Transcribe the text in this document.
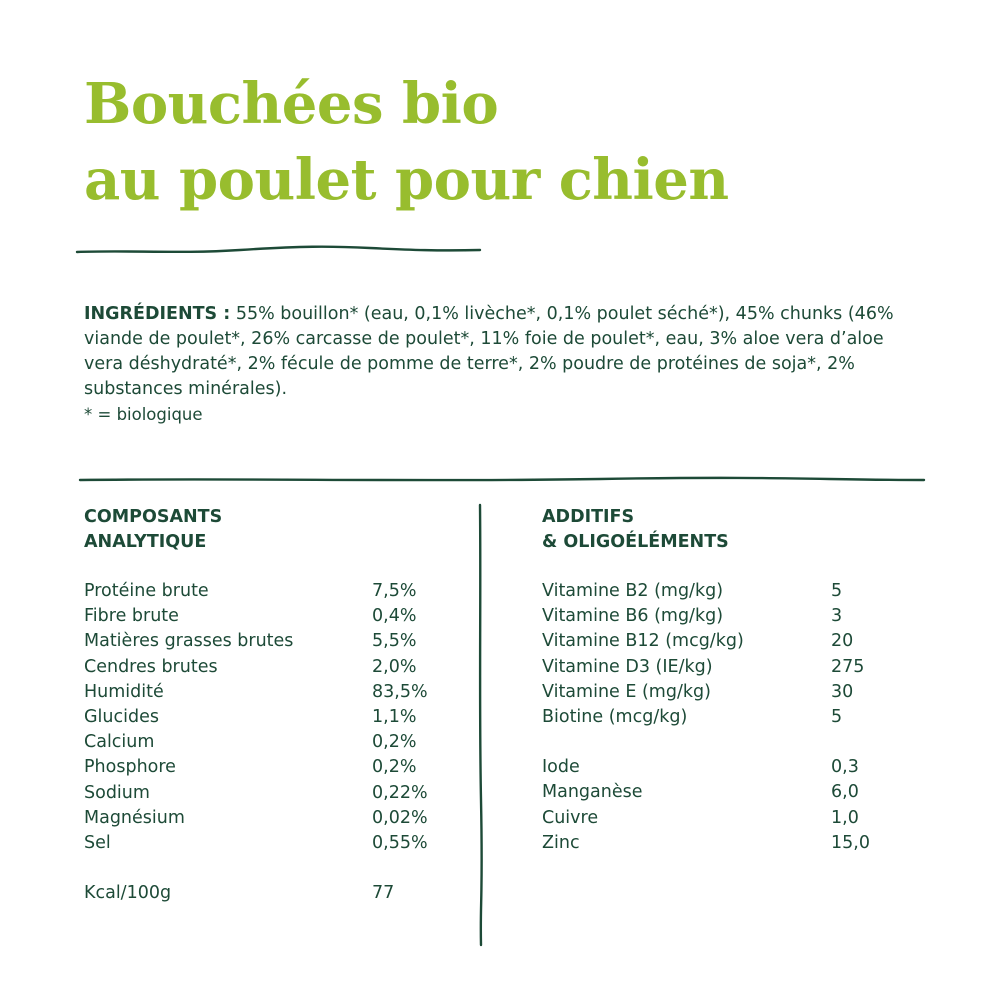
Bouchées bio
au poulet pour chien
INGRÉDIENTS : 55% bouillon* (eau, 0,1% livèche*, 0,1% poulet séché*), 45% chunks (46% viande de poulet*, 26% carcasse de poulet*, 11% foie de poulet*, eau, 3% aloe vera d’aloe vera déshydraté*, 2% fécule de pomme de terre*, 2% poudre de protéines de soja*, 2% substances minérales).
* = biologique
COMPOSANTS
ANALYTIQUE
ADDITIFS
& OLIGOÉLÉMENTS
Protéine brute	7,5%
Fibre brute	0,4%
Matières grasses brutes	5,5%
Cendres brutes	2,0%
Humidité	83,5%
Glucides	1,1%
Calcium	0,2%
Phosphore	0,2%
Sodium	0,22%
Magnésium	0,02%
Sel	0,55%
Kcal/100g	77
Vitamine B2 (mg/kg)	5
Vitamine B6 (mg/kg)	3
Vitamine B12 (mcg/kg)	20
Vitamine D3 (IE/kg)	275
Vitamine E (mg/kg)	30
Biotine (mcg/kg)	5
Iode	0,3
Manganèse	6,0
Cuivre	1,0
Zinc	15,0
